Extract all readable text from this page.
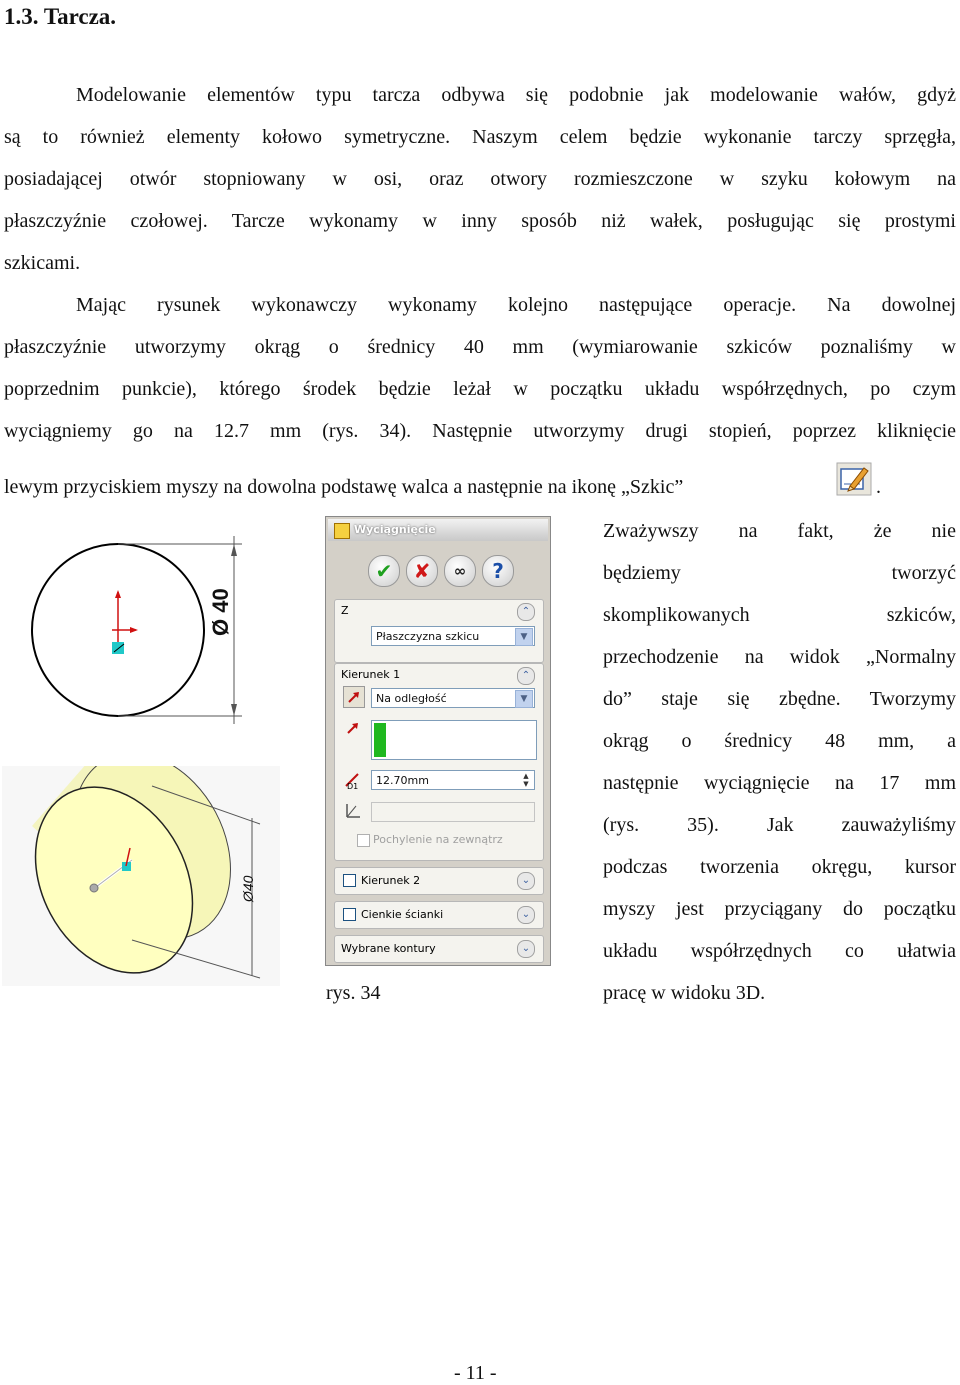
1.3. Tarcza.
Modelowanie elementów typu tarcza odbywa się podobnie jak modelowanie wałów, gdyż
są to również elementy kołowo symetryczne. Naszym celem będzie wykonanie tarczy sprzęgła,
posiadającej otwór stopniowany w osi, oraz otwory rozmieszczone w szyku kołowym na
płaszczyźnie czołowej. Tarcze wykonamy w inny sposób niż wałek, posługując się prostymi
szkicami.
Mając rysunek wykonawczy wykonamy kolejno następujące operacje. Na dowolnej
płaszczyźnie utworzymy okrąg o średnicy 40 mm (wymiarowanie szkiców poznaliśmy w
poprzednim punkcie), którego środek będzie leżał w początku układu współrzędnych, po czym
wyciągniemy go na 12.7 mm (rys. 34). Następnie utworzymy drugi stopień, poprzez kliknięcie
lewym przyciskiem myszy na dowolna podstawę walca a następnie na ikonę „Szkic”	.
Ø 40
Ø40
Wyciągnięcie
✔	✘	∞	?
Z	⌃
Płaszczyzna szkicu	▼
Kierunek 1	⌃
Na odległość	▼
D1	12.70mm	▲
▼
Pochylenie na zewnątrz
Kierunek 2	⌄
Cienkie ścianki	⌄
Wybrane kontury	⌄
rys. 34
Zważywszy na fakt, że nie
będziemy tworzyć
skomplikowanych szkiców,
przechodzenie na widok „Normalny
do” staje się zbędne. Tworzymy
okrąg o średnicy 48 mm, a
następnie wyciągnięcie na 17 mm
(rys. 35). Jak zauważyliśmy
podczas tworzenia okręgu, kursor
myszy jest przyciągany do początku
układu współrzędnych co ułatwia
pracę w widoku 3D.
- 11 -
